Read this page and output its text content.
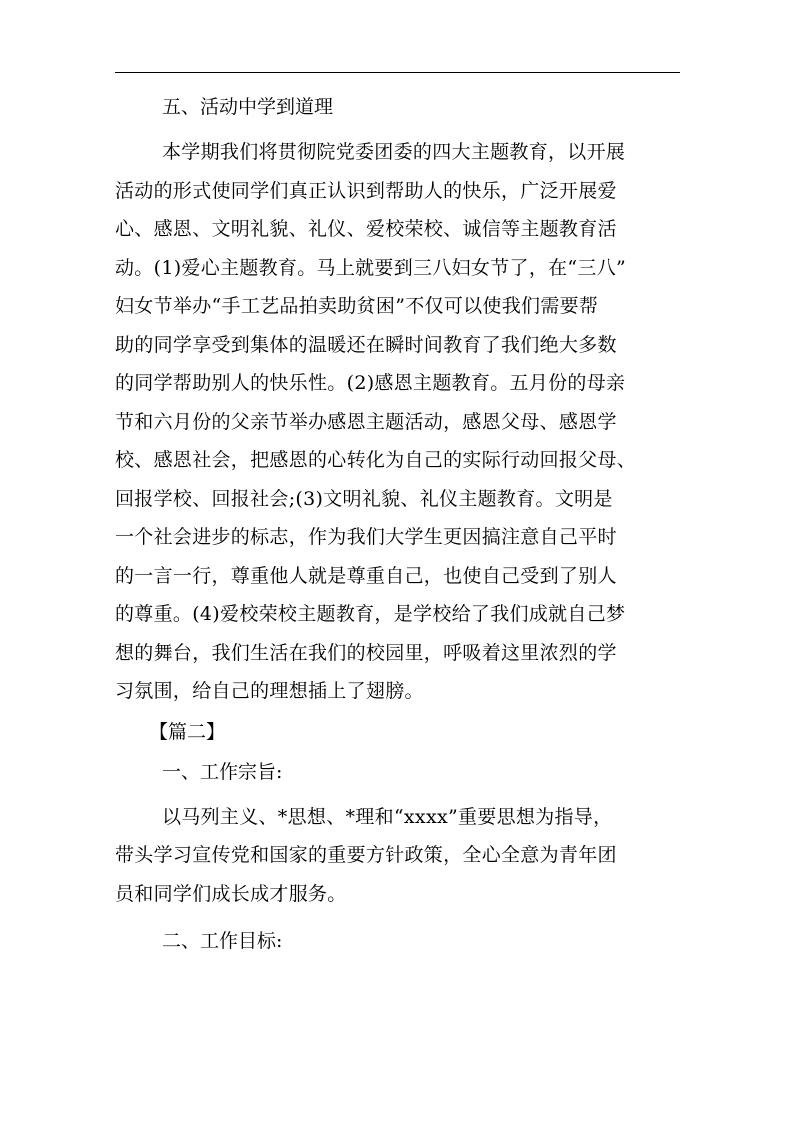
五、活动中学到道理
本学期我们将贯彻院党委团委的四大主题教育，以开展
活动的形式使同学们真正认识到帮助人的快乐，广泛开展爱
心、感恩、文明礼貌、礼仪、爱校荣校、诚信等主题教育活
动。(1)爱心主题教育。马上就要到三八妇女节了，在“三八”
妇女节举办“手工艺品拍卖助贫困”不仅可以使我们需要帮
助的同学享受到集体的温暖还在瞬时间教育了我们绝大多数
的同学帮助别人的快乐性。(2)感恩主题教育。五月份的母亲
节和六月份的父亲节举办感恩主题活动，感恩父母、感恩学
校、感恩社会，把感恩的心转化为自己的实际行动回报父母、
回报学校、回报社会;(3)文明礼貌、礼仪主题教育。文明是
一个社会进步的标志，作为我们大学生更因搞注意自己平时
的一言一行，尊重他人就是尊重自己，也使自己受到了别人
的尊重。(4)爱校荣校主题教育，是学校给了我们成就自己梦
想的舞台，我们生活在我们的校园里，呼吸着这里浓烈的学
习氛围，给自己的理想插上了翅膀。
【篇二】
一、工作宗旨:
以马列主义、*思想、*理和“xxxx”重要思想为指导，
带头学习宣传党和国家的重要方针政策，全心全意为青年团
员和同学们成长成才服务。
二、工作目标:
